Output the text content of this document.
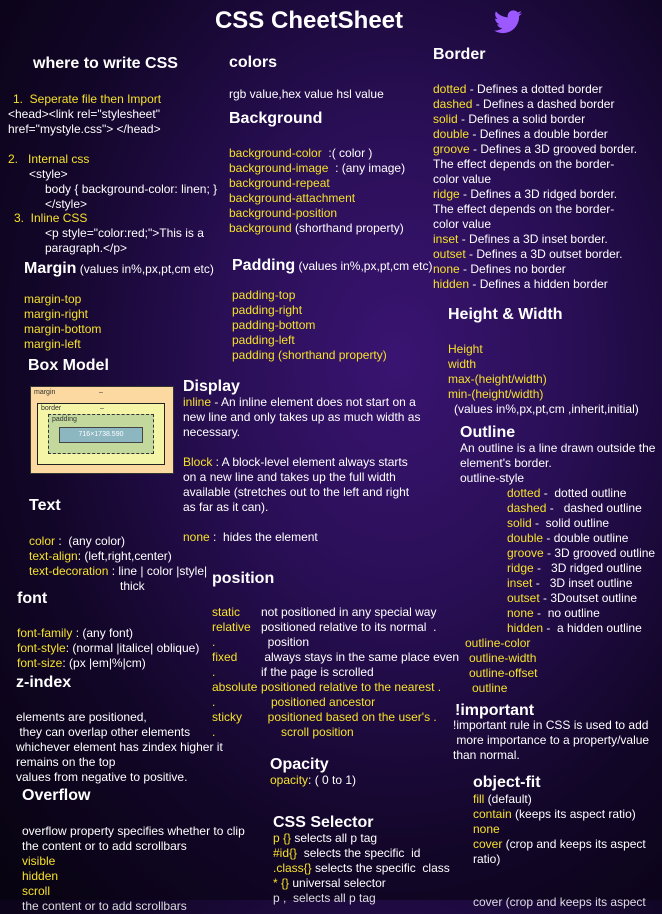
CSS CheetSheet
where to write CSS
1.  Seperate file then Import
<head><link rel="stylesheet"
href="mystyle.css"> </head>
2.   Internal css
<style>
body { background-color: linen; }
</style>
3.  Inline CSS
<p style="color:red;">This is a
paragraph.</p>
colors
rgb value,hex value hsl value
Background
background-color  :( color )
background-image  : (any image)
background-repeat
background-attachment
background-position
background (shorthand property)
Border
dotted - Defines a dotted border
dashed - Defines a dashed border
solid - Defines a solid border
double - Defines a double border
groove - Defines a 3D grooved border.
The effect depends on the border-
color value
ridge - Defines a 3D ridged border.
The effect depends on the border-
color value
inset - Defines a 3D inset border.
outset - Defines a 3D outset border.
none - Defines no border
hidden - Defines a hidden border
Margin (values in%,px,pt,cm etc)
margin-top
margin-right
margin-bottom
margin-left
Padding (values in%,px,pt,cm etc)
padding-top
padding-right
padding-bottom
padding-left
padding (shorthand property)
Height & Width
Height
width
max-(height/width)
min-(height/width)
(values in%,px,pt,cm ,inherit,initial)
Box Model
margin	–
border	–
padding
716×1738.590
Display
inline - An inline element does not start on a
new line and only takes up as much width as
necessary.
Block : A block-level element always starts
on a new line and takes up the full width
available (stretches out to the left and right
as far as it can).
none :  hides the element
Outline
An outline is a line drawn outside the
element's border.
outline-style
dotted -  dotted outline
dashed -   dashed outline
solid -  solid outline
double - double outline
groove - 3D grooved outline
ridge -   3D ridged outline
inset -   3D inset outline
outset - 3Doutset outline
none -  no outline
hidden -  a hidden outline
outline-color
outline-width
outline-offset
outline
Text
color :  (any color)
text-align: (left,right,center)
text-decoration : line | color |style|
thick
font
font-family : (any font)
font-style: (normal |italice| oblique)
font-size: (px |em|%|cm)
position
static
relative
.
fixed
.
absolute
.
sticky
.
not positioned in any special way
positioned relative to its normal  .
position
always stays in the same place even
if the page is scrolled
positioned relative to the nearest .
positioned ancestor
positioned based on the user's .
scroll position
z-index
elements are positioned,
they can overlap other elements
whichever element has zindex higher it
remains on the top
values from negative to positive.
!important
!important rule in CSS is used to add
more importance to a property/value
than normal.
Opacity
opacity: ( 0 to 1)
Overflow
overflow property specifies whether to clip
the content or to add scrollbars
visible
hidden
scroll
the content or to add scrollbars
CSS Selector
p {} selects all p tag
#id{}  selects the specific  id
.class{} selects the specific  class
* {} universal selector
p ,  selects all p tag
object-fit
fill (default)
contain (keeps its aspect ratio)
none
cover (crop and keeps its aspect
ratio)
cover (crop and keeps its aspect
